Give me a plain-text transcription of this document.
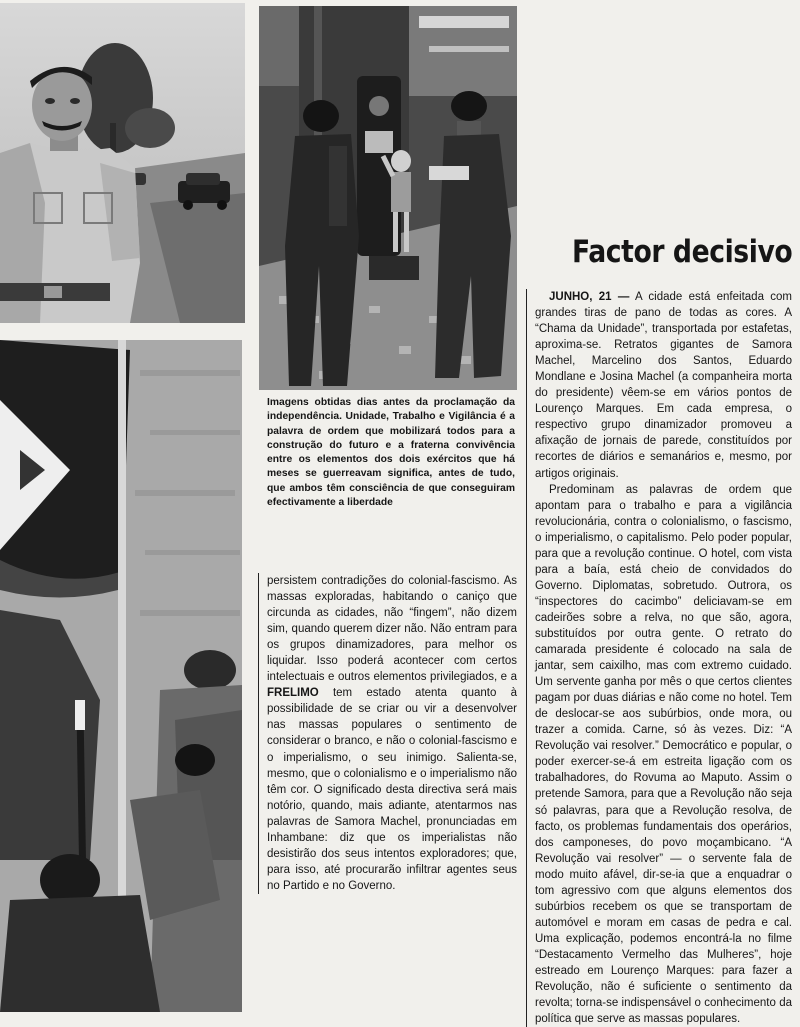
Factor decisivo

Imagens obtidas dias antes da proclamação da independência. Unidade, Trabalho e Vigilância é a palavra de ordem que mobilizará todos para a construção do futuro e a fraterna convivência entre os elementos dos dois exércitos que há meses se guerreavam significa, antes de tudo, que ambos têm consciência de que conseguiram efectivamente a liberdade

persistem contradições do colonial-fascismo. As massas exploradas, habitando o caniço que circunda as cidades, não “fingem”, não dizem sim, quando querem dizer não. Não entram para os grupos dinamizadores, para melhor os liquidar. Isso poderá acontecer com certos intelectuais e outros elementos privilegiados, e a FRELIMO tem estado atenta quanto à possibilidade de se criar ou vir a desenvolver nas massas populares o sentimento de considerar o branco, e não o colonial-fascismo e o imperialismo, o seu inimigo. Salienta-se, mesmo, que o colonialismo e o imperialismo não têm cor. O significado desta directiva será mais notório, quando, mais adiante, atentarmos nas palavras de Samora Machel, pronunciadas em Inhambane: diz que os imperialistas não desistirão dos seus intentos exploradores; que, para isso, até procurarão infiltrar agentes seus no Partido e no Governo.

JUNHO, 21 — A cidade está enfeitada com grandes tiras de pano de todas as cores. A “Chama da Unidade”, transportada por estafetas, aproxima-se. Retratos gigantes de Samora Machel, Marcelino dos Santos, Eduardo Mondlane e Josina Machel (a companheira morta do presidente) vêem-se em vários pontos de Lourenço Marques. Em cada empresa, o respectivo grupo dinamizador promoveu a afixação de jornais de parede, constituídos por recortes de diários e semanários e, mesmo, por artigos originais.

Predominam as palavras de ordem que apontam para o trabalho e para a vigilância revolucionária, contra o colonialismo, o fascismo, o imperialismo, o capitalismo. Pelo poder popular, para que a revolução continue. O hotel, com vista para a baía, está cheio de convidados do Governo. Diplomatas, sobretudo. Outrora, os “inspectores do cacimbo” deliciavam-se em cadeirões sobre a relva, no que são, agora, substituídos por outra gente. O retrato do camarada presidente é colocado na sala de jantar, sem caixilho, mas com extremo cuidado. Um servente ganha por mês o que certos clientes pagam por duas diárias e não come no hotel. Tem de deslocar-se aos subúrbios, onde mora, ou trazer a comida. Carne, só às vezes. Diz: “A Revolução vai resolver.” Democrático e popular, o poder exercer-se-á em estreita ligação com os trabalhadores, do Rovuma ao Maputo. Assim o pretende Samora, para que a Revolução não seja só palavras, para que a Revolução resolva, de facto, os problemas fundamentais dos operários, dos camponeses, do povo moçambicano. “A Revolução vai resolver” — o servente fala de modo muito afável, dir-se-ia que a enquadrar o tom agressivo com que alguns elementos dos subúrbios recebem os que se transportam de automóvel e moram em casas de pedra e cal. Uma explicação, podemos encontrá-la no filme “Destacamento Vermelho das Mulheres”, hoje estreado em Lourenço Marques: para fazer a Revolução, não é suficiente o sentimento da revolta; torna-se indispensável o conhecimento da política que serve as massas populares.
